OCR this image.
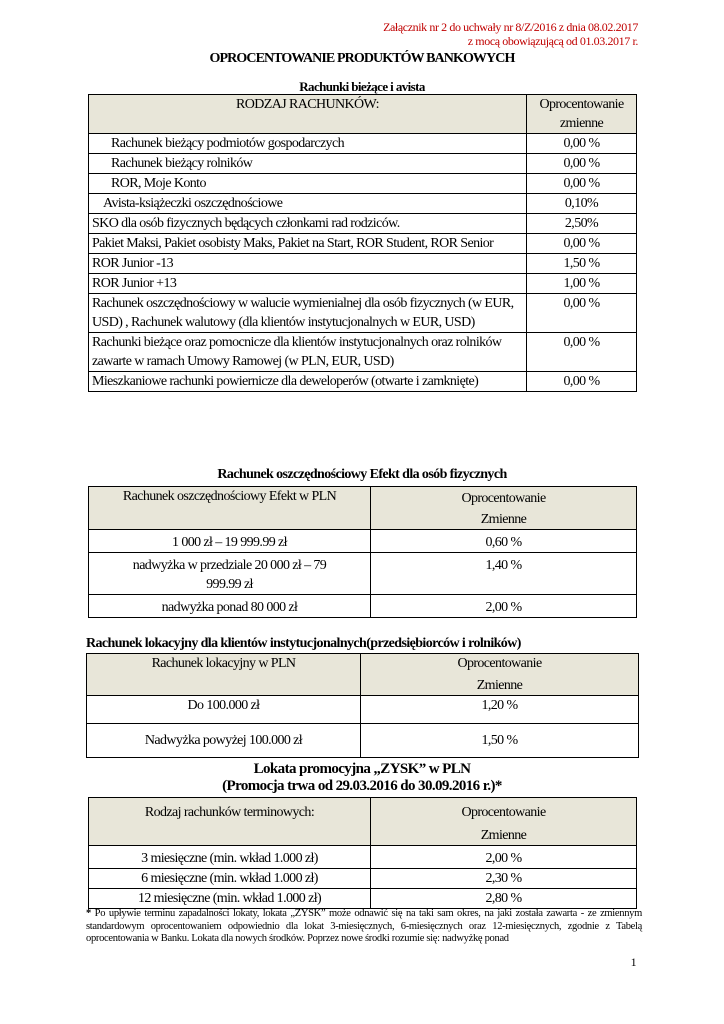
Załącznik nr 2 do uchwały nr 8/Z/2016 z dnia 08.02.2017
z mocą obowiązującą od 01.03.2017 r.
OPROCENTOWANIE PRODUKTÓW BANKOWYCH
Rachunki bieżące i avista
RODZAJ RACHUNKÓW:	Oprocentowanie
	zmienne
Rachunek bieżący podmiotów gospodarczych	0,00 %
Rachunek bieżący rolników	0,00 %
ROR, Moje Konto	0,00 %
Avista-książeczki oszczędnościowe	0,10%
SKO dla osób fizycznych będących członkami rad rodziców.	2,50%
Pakiet Maksi, Pakiet osobisty Maks, Pakiet na Start, ROR Student, ROR Senior	0,00 %
ROR Junior -13	1,50 %
ROR Junior +13	1,00 %
Rachunek oszczędnościowy w walucie wymienialnej dla osób fizycznych (w EUR, USD) , Rachunek walutowy (dla klientów instytucjonalnych w EUR, USD)	0,00 %
Rachunki bieżące oraz pomocnicze dla klientów instytucjonalnych oraz rolników zawarte w ramach Umowy Ramowej (w PLN, EUR, USD)	0,00 %
Mieszkaniowe rachunki powiernicze dla deweloperów (otwarte i zamknięte)	0,00 %
Rachunek oszczędnościowy Efekt dla osób fizycznych
Rachunek oszczędnościowy Efekt w PLN	Oprocentowanie
	Zmienne
1 000 zł – 19 999.99 zł	0,60 %
nadwyżka w przedziale 20 000 zł – 79 999.99 zł	1,40 %
nadwyżka ponad 80 000 zł	2,00 %
Rachunek lokacyjny dla klientów instytucjonalnych(przedsiębiorców i rolników)
Rachunek lokacyjny w PLN	Oprocentowanie
	Zmienne
Do 100.000 zł	1,20 %
Nadwyżka powyżej 100.000 zł	1,50 %
Lokata promocyjna „ZYSK” w PLN
(Promocja trwa od 29.03.2016 do 30.09.2016 r.)*
Rodzaj rachunków terminowych:	Oprocentowanie
	Zmienne
3 miesięczne (min. wkład 1.000 zł)	2,00 %
6 miesięczne (min. wkład 1.000 zł)	2,30 %
12 miesięczne (min. wkład 1.000 zł)	2,80 %
* Po upływie terminu zapadalności lokaty, lokata „ZYSK” może odnawić się na taki sam okres, na jaki została zawarta - ze zmiennym standardowym oprocentowaniem odpowiednio dla lokat 3-miesięcznych, 6-miesięcznych oraz 12-miesięcznych, zgodnie z Tabelą oprocentowania w Banku. Lokata dla nowych środków. Poprzez nowe środki rozumie się: nadwyżkę ponad
1
